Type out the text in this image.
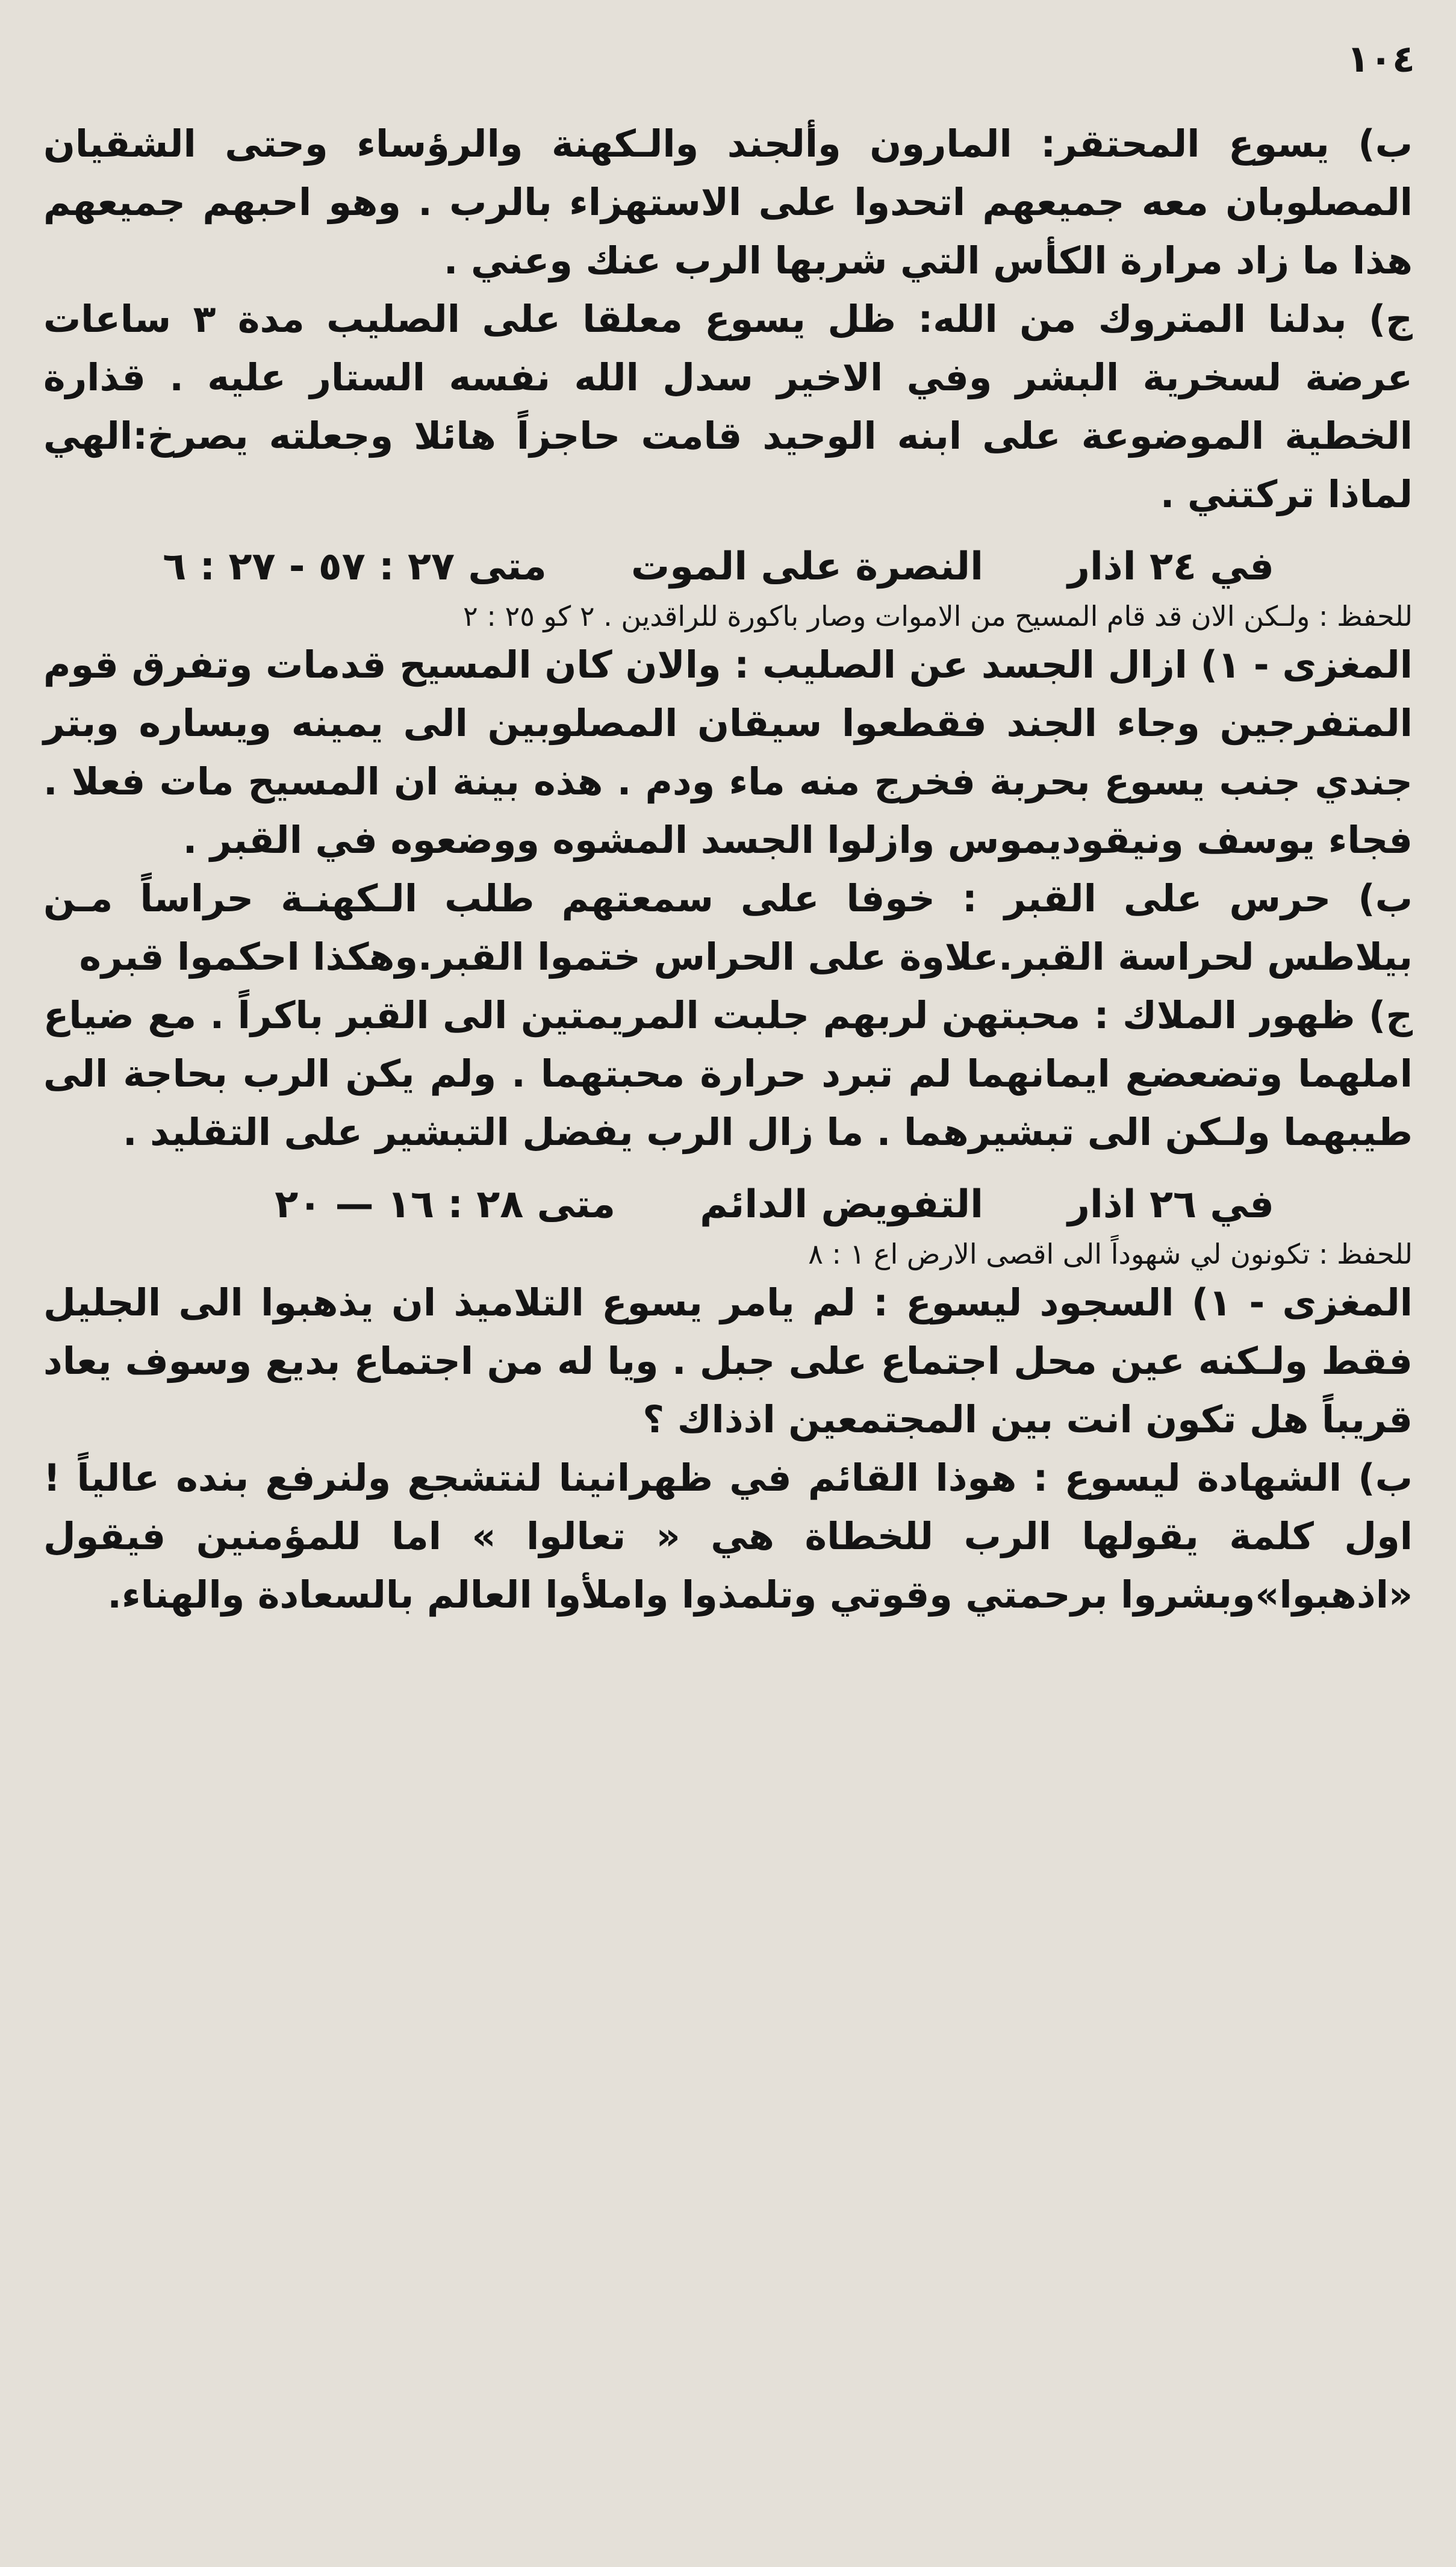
١٠٤

ب) يسوع المحتقر: المارون وألجند والـكهنة والرؤساء وحتى الشقيان المصلوبان معه جميعهم اتحدوا على الاستهزاء بالرب . وهو احبهم جميعهم هذا ما زاد مرارة الكأس التي شربها الرب عنك وعني .

ج) بدلنا المتروك من الله: ظل يسوع معلقا على الصليب مدة ٣ ساعات عرضة لسخرية البشر وفي الاخير سدل الله نفسه الستار عليه . قذارة الخطية الموضوعة على ابنه الوحيد قامت حاجزاً هائلا وجعلته يصرخ:الهي لماذا تركتني .

في ٢٤ اذار
النصرة على الموت
متى ٢٧ : ٥٧ - ٢٧ : ٦
للحفظ : ولـكن الان قد قام المسيح من الاموات وصار باكورة للراقدين . ٢ كو ٢٥ : ٢

المغزى - ١) ازال الجسد عن الصليب : والان كان المسيح قدمات وتفرق قوم المتفرجين وجاء الجند فقطعوا سيقان المصلوبين الى يمينه ويساره وبتر جندي جنب يسوع بحربة فخرج منه ماء ودم . هذه بينة ان المسيح مات فعلا . فجاء يوسف ونيقوديموس وازلوا الجسد المشوه ووضعوه في القبر .

ب) حرس على القبر : خوفا على سمعتهم طلب الـكهنـة حراساً مـن بيلاطس لحراسة القبر.علاوة على الحراس ختموا القبر.وهكذا احكموا قبره

ج) ظهور الملاك : محبتهن لربهم جلبت المريمتين الى القبر باكراً . مع ضياع املهما وتضعضع ايمانهما لم تبرد حرارة محبتهما . ولم يكن الرب بحاجة الى طيبهما ولـكن الى تبشيرهما . ما زال الرب يفضل التبشير على التقليد .

في ٢٦ اذار
التفويض الدائم
متى ٢٨ : ١٦ — ٢٠
للحفظ : تكونون لي شهوداً الى اقصى الارض اع ١ : ٨

المغزى - ١) السجود ليسوع : لم يامر يسوع التلاميذ ان يذهبوا الى الجليل فقط ولـكنه عين محل اجتماع على جبل . ويا له من اجتماع بديع وسوف يعاد قريباً هل تكون انت بين المجتمعين اذذاك ؟

ب) الشهادة ليسوع : هوذا القائم في ظهرانينا لنتشجع ولنرفع بنده عالياً ! اول كلمة يقولها الرب للخطاة هي « تعالوا » اما للمؤمنين فيقول «اذهبوا»وبشروا برحمتي وقوتي وتلمذوا واملأوا العالم بالسعادة والهناء.
